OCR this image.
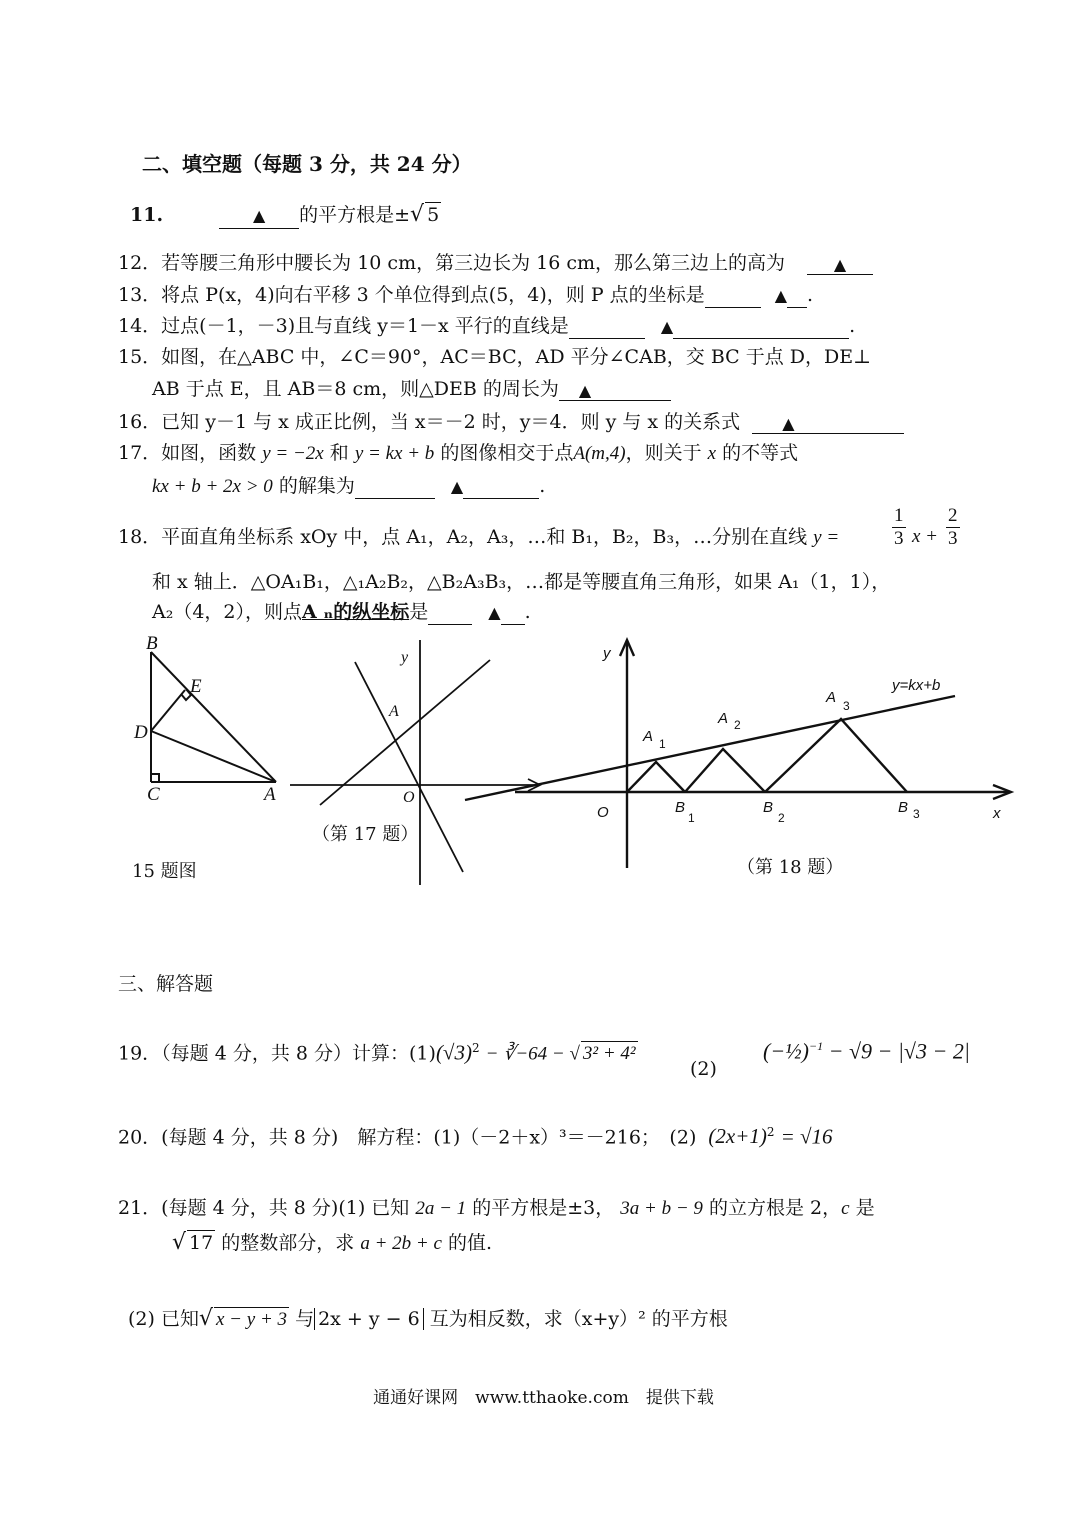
二、填空题（每题 3 分，共 24 分）
11.	▲ 的平方根是±√ 5
12．若等腰三角形中腰长为 10 cm，第三边长为 16 cm，那么第三边上的高为	▲
13．将点 P(x，4)向右平移 3 个单位得到点(5，4)，则 P 点的坐标是	▲ .
14．过点(－1，－3)且与直线 y＝1－x 平行的直线是	▲	.
15．如图，在△ABC 中，∠C＝90°，AC＝BC，AD 平分∠CAB，交 BC 于点 D，DE⊥
AB 于点 E，且 AB＝8 cm，则△DEB 的周长为 ▲
16．已知 y－1 与 x 成正比例，当 x＝－2 时，y＝4．则 y 与 x 的关系式	▲
17．如图，函数 y = −2x 和 y = kx + b 的图像相交于点A(m,4)，则关于 x 的不等式
kx + b + 2x > 0 的解集为	▲	.
18．平面直角坐标系 xOy 中，点 A₁，A₂，A₃，…和 B₁，B₂，B₃，…分别在直线 y =	$\frac{1}{3}$ $x + \frac{2}{3}$
和 x 轴上．△OA₁B₁，△₁A₂B₂，△B₂A₃B₃，…都是等腰直角三角形，如果 A₁（1，1），
A₂（4，2），则点A ₙ的纵坐标是	▲ .
B
E
D
C	A
15 题图
y
A
O
（第 17 题）
y
x
O
y=kx+b
A
A
A
B	B	B
1
2
3
1	2	3
（第 18 题）
三、解答题
19．（每题 4 分，共 8 分）计算：$(1)(√3)^2$ − ∛−64 − √ 3² + 4²
(2)
(−½)$^{-1}$ − √9 − |√3 − 2|
20．(每题 4 分，共 8 分)　解方程：(1)（－2＋x）³＝－216；　(2) $(2x+1)^2 = √16$
21．(每题 4 分，共 8 分)(1) 已知 2a − 1 的平方根是±3， 3a + b − 9 的立方根是 2，c 是
√ 17 的整数部分，求 a + 2b + c 的值.
(2) 已知√ x − y + 3 与 2x + y − 6 互为相反数，求（x+y）² 的平方根
通通好课网　www.tthaoke.com　提供下载
